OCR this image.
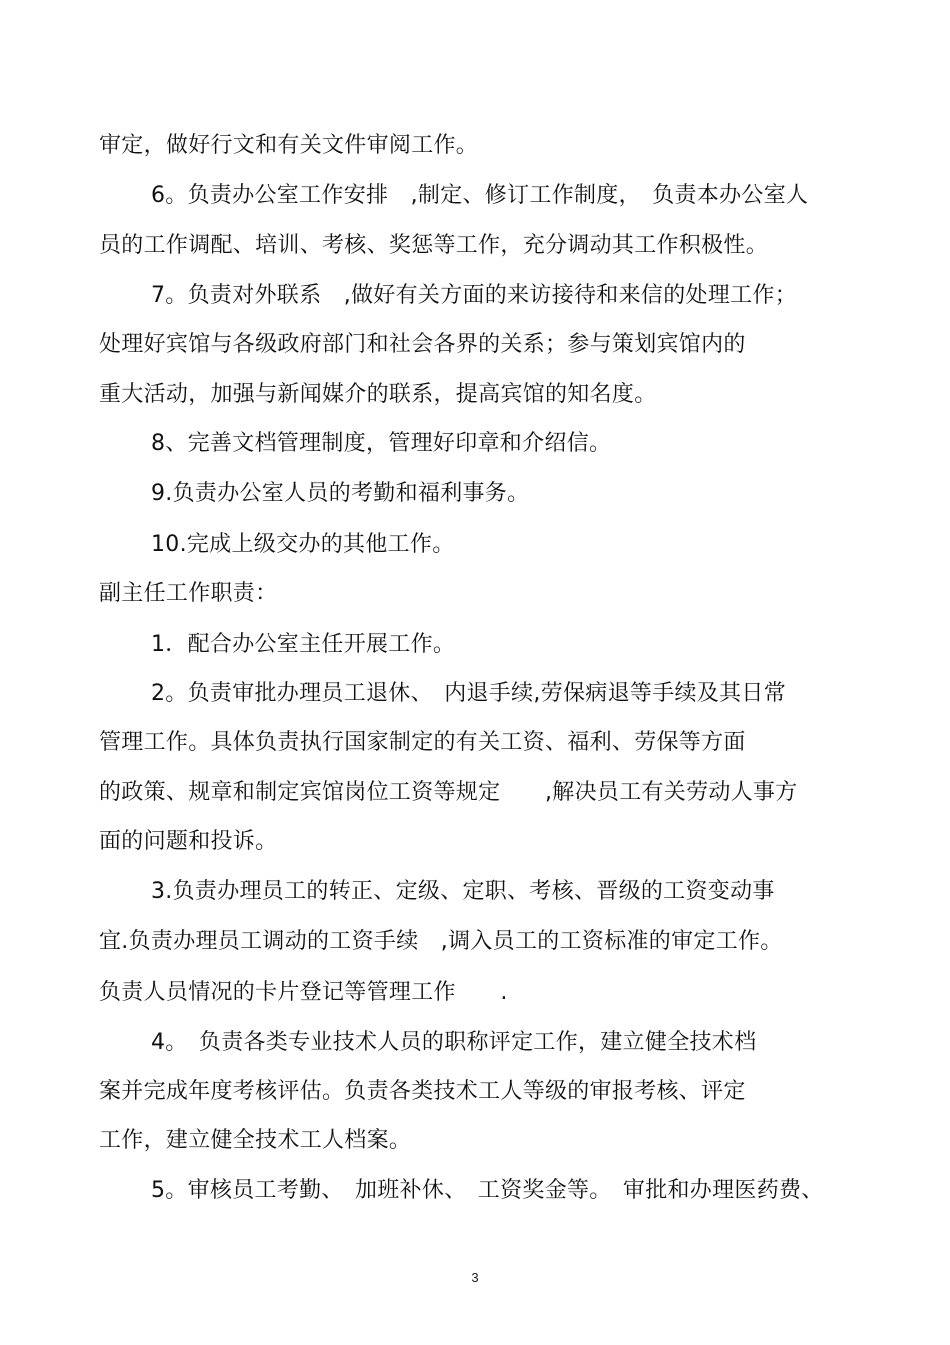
审定，做好行文和有关文件审阅工作。
6。负责办公室工作安排　,制定、修订工作制度，　负责本办公室人
员的工作调配、培训、考核、奖惩等工作，充分调动其工作积极性。
7。负责对外联系　,做好有关方面的来访接待和来信的处理工作；
处理好宾馆与各级政府部门和社会各界的关系；参与策划宾馆内的
重大活动，加强与新闻媒介的联系，提高宾馆的知名度。
8、完善文档管理制度，管理好印章和介绍信。
9.负责办公室人员的考勤和福利事务。
10.完成上级交办的其他工作。
副主任工作职责：
1．配合办公室主任开展工作。
2。负责审批办理员工退休、　内退手续,劳保病退等手续及其日常
管理工作。具体负责执行国家制定的有关工资、福利、劳保等方面
的政策、规章和制定宾馆岗位工资等规定　　,解决员工有关劳动人事方
面的问题和投诉。
3.负责办理员工的转正、定级、定职、考核、晋级的工资变动事
宜.负责办理员工调动的工资手续　,调入员工的工资标准的审定工作。
负责人员情况的卡片登记等管理工作　　.
4。　负责各类专业技术人员的职称评定工作，建立健全技术档
案并完成年度考核评估。负责各类技术工人等级的审报考核、评定
工作，建立健全技术工人档案。
5。审核员工考勤、　加班补休、　工资奖金等。　审批和办理医药费、
3
